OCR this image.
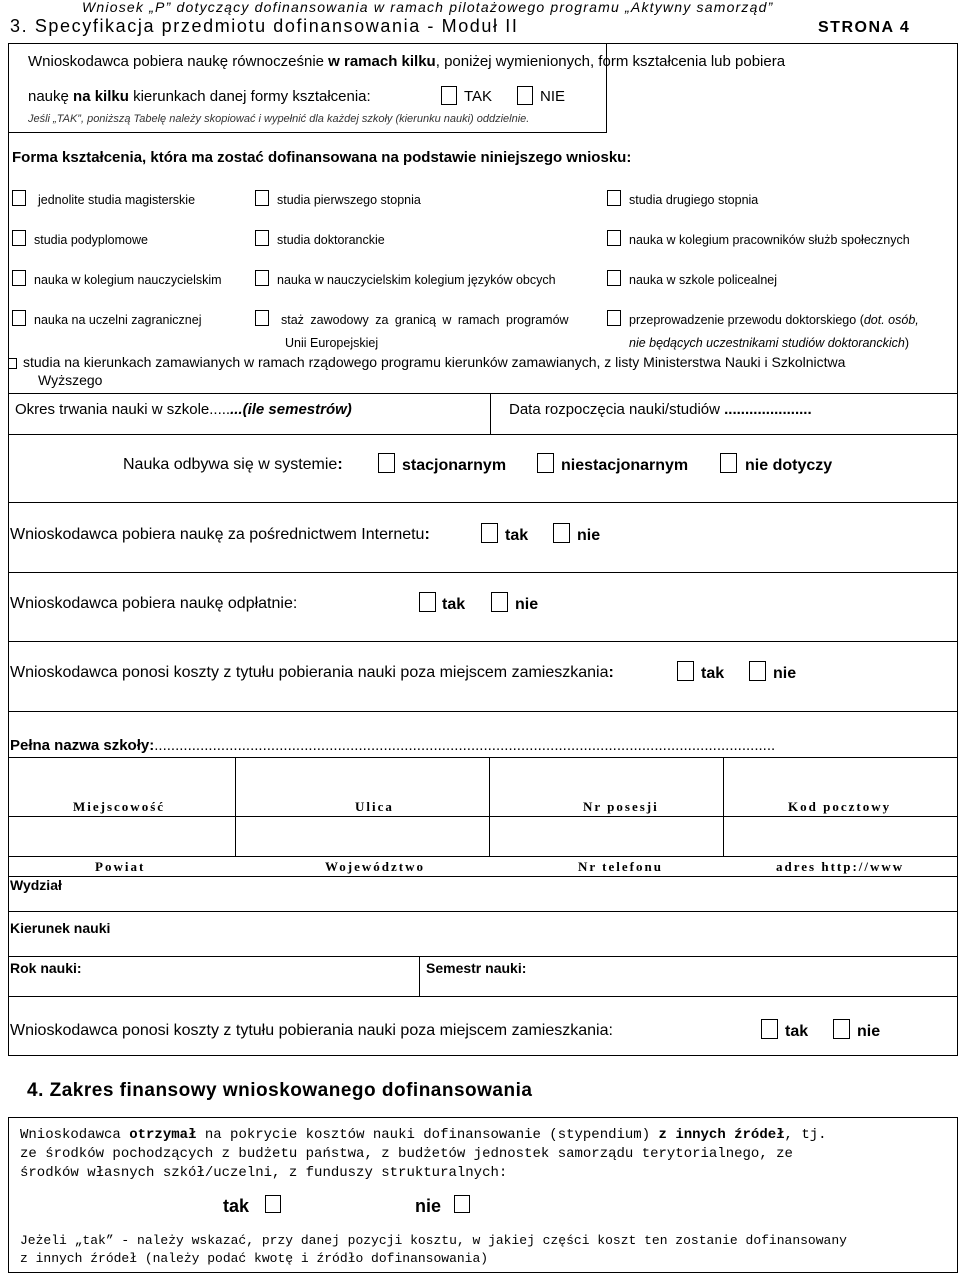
Wniosek „P” dotyczący dofinansowania w ramach pilotażowego programu „Aktywny samorząd”
3. Specyfikacja przedmiotu dofinansowania - Moduł II	STRONA 4
Wnioskodawca pobiera naukę równocześnie w ramach kilku, poniżej wymienionych, form kształcenia lub pobiera
naukę na kilku kierunkach danej formy kształcenia:	TAK	NIE
Jeśli „TAK”, poniższą Tabelę należy skopiować i wypełnić dla każdej szkoły (kierunku nauki) oddzielnie.
Forma kształcenia, która ma zostać dofinansowana na podstawie niniejszego wniosku:
jednolite studia magisterskie	studia pierwszego stopnia	studia drugiego stopnia
studia podyplomowe	studia doktoranckie	nauka w kolegium pracowników służb społecznych
nauka w kolegium nauczycielskim	nauka w nauczycielskim kolegium języków obcych	nauka w szkole policealnej
nauka na uczelni zagranicznej	staż zawodowy za granicą w ramach programów
Unii Europejskiej
przeprowadzenie przewodu doktorskiego (dot. osób,
nie będących uczestnikami studiów doktoranckich)
studia na kierunkach zamawianych w ramach rządowego programu kierunków zamawianych, z listy Ministerstwa Nauki i Szkolnictwa
Wyższego
Okres trwania nauki w szkole........(ile semestrów)	Data rozpoczęcia nauki/studiów .....................
Nauka odbywa się w systemie:	stacjonarnym	niestacjonarnym	nie dotyczy
Wnioskodawca pobiera naukę za pośrednictwem Internetu:	tak	nie
Wnioskodawca pobiera naukę odpłatnie:	tak	nie
Wnioskodawca ponosi koszty z tytułu pobierania nauki poza miejscem zamieszkania:	tak	nie
Pełna nazwa szkoły:.....................................................................................................................................................
Miejscowość	Ulica	Nr posesji	Kod pocztowy
Powiat	Województwo	Nr telefonu	adres http://www
Wydział
Kierunek nauki
Rok nauki:	Semestr nauki:
Wnioskodawca ponosi koszty z tytułu pobierania nauki poza miejscem zamieszkania:	tak	nie
4. Zakres finansowy wnioskowanego dofinansowania
Wnioskodawca otrzymał na pokrycie kosztów nauki dofinansowanie (stypendium) z innych źródeł, tj.
ze środków pochodzących z budżetu państwa, z budżetów jednostek samorządu terytorialnego, ze
środków własnych szkół/uczelni, z funduszy strukturalnych:
tak	nie
Jeżeli „tak” - należy wskazać, przy danej pozycji kosztu, w jakiej części koszt ten zostanie dofinansowany
z innych źródeł (należy podać kwotę i źródło dofinansowania)
